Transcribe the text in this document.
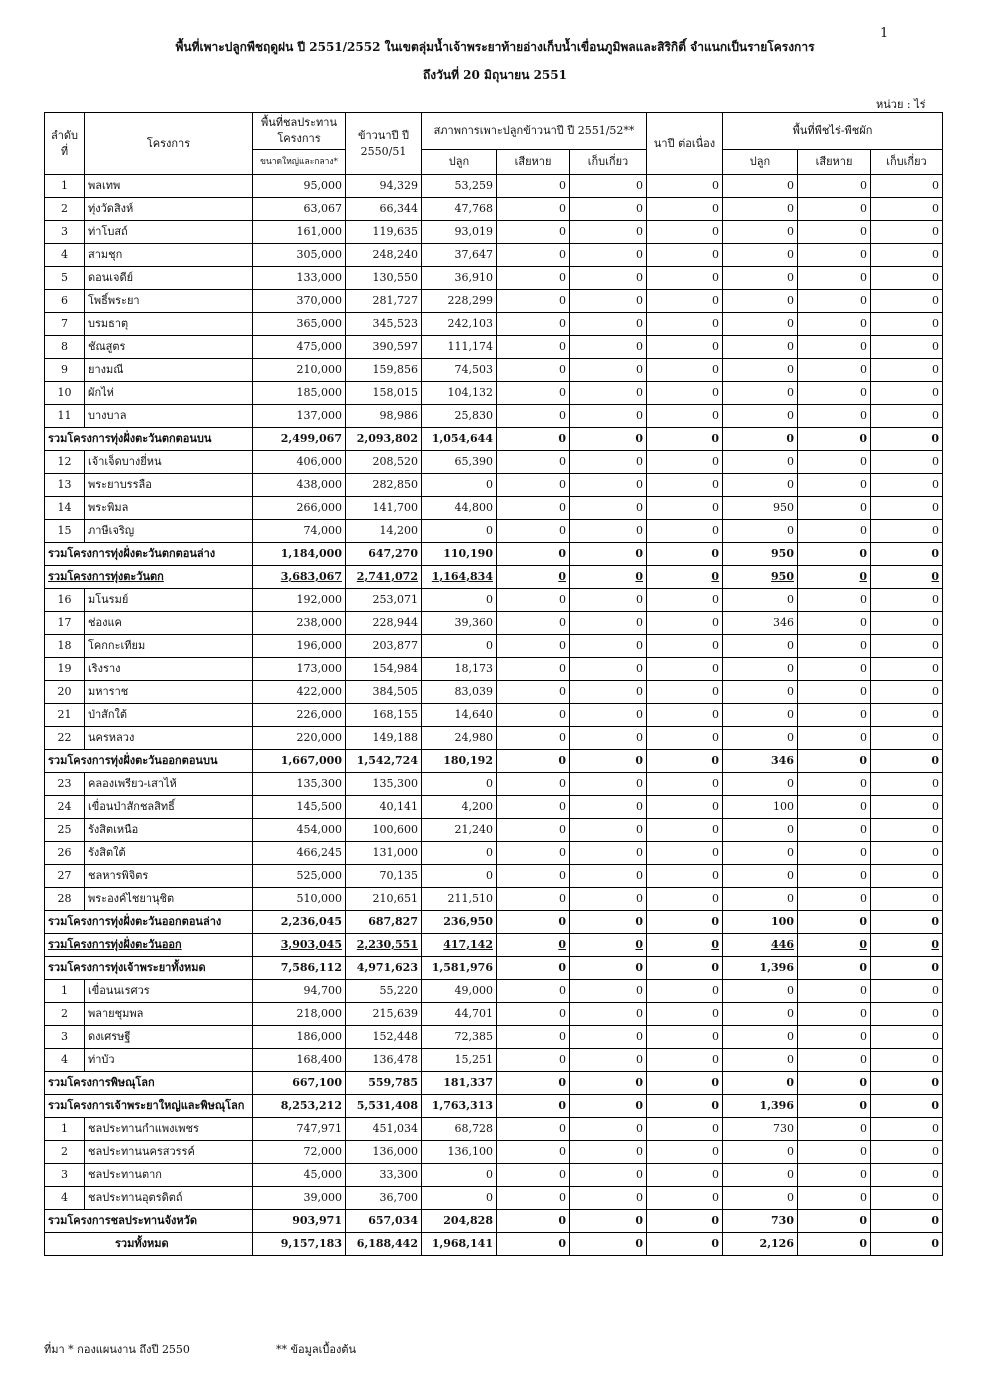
1
พื้นที่เพาะปลูกพืชฤดูฝน ปี 2551/2552 ในเขตลุ่มน้ำเจ้าพระยาท้ายอ่างเก็บน้ำเขื่อนภูมิพลและสิริกิติ์ จำแนกเป็นรายโครงการ
ถึงวันที่ 20 มิถุนายน 2551
หน่วย : ไร่
ลำดับ ที่	โครงการ	พื้นที่ชลประทาน โครงการ	ข้าวนาปี ปี 2550/51	สภาพการเพาะปลูกข้าวนาปี ปี 2551/52**			นาปี ต่อเนื่อง	พื้นที่พืชไร่-พืชผัก		
		ขนาดใหญ่และกลาง*		ปลูก	เสียหาย	เก็บเกี่ยว		ปลูก	เสียหาย	เก็บเกี่ยว
1	พลเทพ	95,000	94,329	53,259	0	0	0	0	0	0
2	ทุ่งวัดสิงห์	63,067	66,344	47,768	0	0	0	0	0	0
3	ท่าโบสถ์	161,000	119,635	93,019	0	0	0	0	0	0
4	สามชุก	305,000	248,240	37,647	0	0	0	0	0	0
5	ดอนเจดีย์	133,000	130,550	36,910	0	0	0	0	0	0
6	โพธิ์พระยา	370,000	281,727	228,299	0	0	0	0	0	0
7	บรมธาตุ	365,000	345,523	242,103	0	0	0	0	0	0
8	ชัณสูตร	475,000	390,597	111,174	0	0	0	0	0	0
9	ยางมณี	210,000	159,856	74,503	0	0	0	0	0	0
10	ผักไห่	185,000	158,015	104,132	0	0	0	0	0	0
11	บางบาล	137,000	98,986	25,830	0	0	0	0	0	0
รวมโครงการทุ่งฝั่งตะวันตกตอนบน		2,499,067	2,093,802	1,054,644	0	0	0	0	0	0
12	เจ้าเจ็ดบางยี่หน	406,000	208,520	65,390	0	0	0	0	0	0
13	พระยาบรรลือ	438,000	282,850	0	0	0	0	0	0	0
14	พระพิมล	266,000	141,700	44,800	0	0	0	950	0	0
15	ภาษีเจริญ	74,000	14,200	0	0	0	0	0	0	0
รวมโครงการทุ่งฝั่งตะวันตกตอนล่าง		1,184,000	647,270	110,190	0	0	0	950	0	0
รวมโครงการทุ่งตะวันตก		3,683,067	2,741,072	1,164,834	0	0	0	950	0	0
16	มโนรมย์	192,000	253,071	0	0	0	0	0	0	0
17	ช่องแค	238,000	228,944	39,360	0	0	0	346	0	0
18	โคกกะเทียม	196,000	203,877	0	0	0	0	0	0	0
19	เริงราง	173,000	154,984	18,173	0	0	0	0	0	0
20	มหาราช	422,000	384,505	83,039	0	0	0	0	0	0
21	ป่าสักใต้	226,000	168,155	14,640	0	0	0	0	0	0
22	นครหลวง	220,000	149,188	24,980	0	0	0	0	0	0
รวมโครงการทุ่งฝั่งตะวันออกตอนบน		1,667,000	1,542,724	180,192	0	0	0	346	0	0
23	คลองเพรียว-เสาไห้	135,300	135,300	0	0	0	0	0	0	0
24	เขื่อนป่าสักชลสิทธิ์	145,500	40,141	4,200	0	0	0	100	0	0
25	รังสิตเหนือ	454,000	100,600	21,240	0	0	0	0	0	0
26	รังสิตใต้	466,245	131,000	0	0	0	0	0	0	0
27	ชลหารพิจิตร	525,000	70,135	0	0	0	0	0	0	0
28	พระองค์ไชยานุชิต	510,000	210,651	211,510	0	0	0	0	0	0
รวมโครงการทุ่งฝั่งตะวันออกตอนล่าง		2,236,045	687,827	236,950	0	0	0	100	0	0
รวมโครงการทุ่งฝั่งตะวันออก		3,903,045	2,230,551	417,142	0	0	0	446	0	0
รวมโครงการทุ่งเจ้าพระยาทั้งหมด		7,586,112	4,971,623	1,581,976	0	0	0	1,396	0	0
1	เขื่อนนเรศวร	94,700	55,220	49,000	0	0	0	0	0	0
2	พลายชุมพล	218,000	215,639	44,701	0	0	0	0	0	0
3	ดงเศรษฐี	186,000	152,448	72,385	0	0	0	0	0	0
4	ท่าบัว	168,400	136,478	15,251	0	0	0	0	0	0
รวมโครงการพิษณุโลก		667,100	559,785	181,337	0	0	0	0	0	0
รวมโครงการเจ้าพระยาใหญ่และพิษณุโลก		8,253,212	5,531,408	1,763,313	0	0	0	1,396	0	0
1	ชลประทานกำแพงเพชร	747,971	451,034	68,728	0	0	0	730	0	0
2	ชลประทานนครสวรรค์	72,000	136,000	136,100	0	0	0	0	0	0
3	ชลประทานตาก	45,000	33,300	0	0	0	0	0	0	0
4	ชลประทานอุตรดิตถ์	39,000	36,700	0	0	0	0	0	0	0
รวมโครงการชลประทานจังหวัด		903,971	657,034	204,828	0	0	0	730	0	0
รวมทั้งหมด		9,157,183	6,188,442	1,968,141	0	0	0	2,126	0	0
ที่มา * กองแผนงาน ถึงปี 2550	** ข้อมูลเบื้องต้น
